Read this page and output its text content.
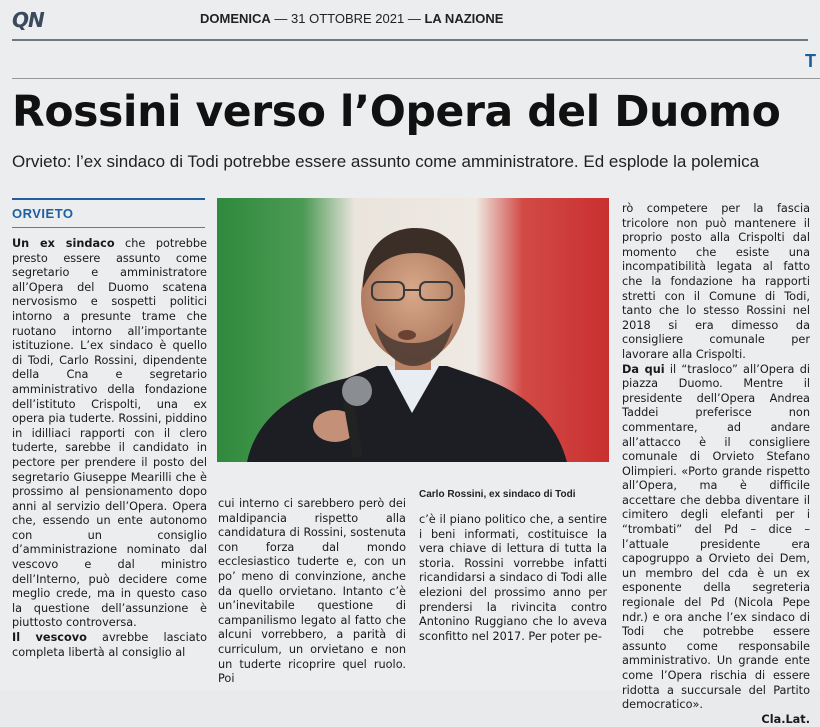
QN	DOMENICA — 31 OTTOBRE 2021 — LA NAZIONE
T
Rossini verso l’Opera del Duomo
Orvieto: l’ex sindaco di Todi potrebbe essere assunto come amministratore. Ed esplode la polemica
ORVIETO

Un ex sindaco che potrebbe presto essere assunto come segretario e amministratore all’Opera del Duomo scatena nervosismo e sospetti politici intorno a presunte trame che ruotano intorno all’importante istituzione. L’ex sindaco è quello di Todi, Carlo Rossini, dipendente della Cna e segretario amministrativo della fondazione dell’istituto Crispolti, una ex opera pia tuderte. Rossini, piddino in idilliaci rapporti con il clero tuderte, sarebbe il candidato in pectore per prendere il posto del segretario Giuseppe Mearilli che è prossimo al pensionamento dopo anni al servizio dell’Opera. Opera che, essendo un ente autonomo con un consiglio d’amministrazione nominato dal vescovo e dal ministro dell’Interno, può decidere come meglio crede, ma in questo caso la questione dell’assunzione è piuttosto controversa.

Il vescovo avrebbe lasciato completa libertà al consiglio al

Carlo Rossini, ex sindaco di Todi

cui interno ci sarebbero però dei maldipancia rispetto alla candidatura di Rossini, sostenuta con forza dal mondo ecclesiastico tuderte e, con un po’ meno di convinzione, anche da quello orvietano. Intanto c’è un’inevitabile questione di campanilismo legato al fatto che alcuni vorrebbero, a parità di curriculum, un orvietano e non un tuderte ricoprire quel ruolo. Poi

c’è il piano politico che, a sentire i beni informati, costituisce la vera chiave di lettura di tutta la storia. Rossini vorrebbe infatti ricandidarsi a sindaco di Todi alle elezioni del prossimo anno per prendersi la rivincita contro Antonino Ruggiano che lo aveva sconfitto nel 2017. Per poter pe-

rò competere per la fascia tricolore non può mantenere il proprio posto alla Crispolti dal momento che esiste una incompatibilità legata al fatto che la fondazione ha rapporti stretti con il Comune di Todi, tanto che lo stesso Rossini nel 2018 si era dimesso da consigliere comunale per lavorare alla Crispolti.

Da qui il “trasloco” all’Opera di piazza Duomo. Mentre il presidente dell’Opera Andrea Taddei preferisce non commentare, ad andare all’attacco è il consigliere comunale di Orvieto Stefano Olimpieri. «Porto grande rispetto all’Opera, ma è difficile accettare che debba diventare il cimitero degli elefanti per i “trombati” del Pd – dice – l’attuale presidente era capogruppo a Orvieto dei Dem, un membro del cda è un ex esponente della segreteria regionale del Pd (Nicola Pepe ndr.) e ora anche l’ex sindaco di Todi che potrebbe essere assunto come responsabile amministrativo. Un grande ente come l’Opera rischia di essere ridotta a succursale del Partito democratico».

Cla.Lat.
